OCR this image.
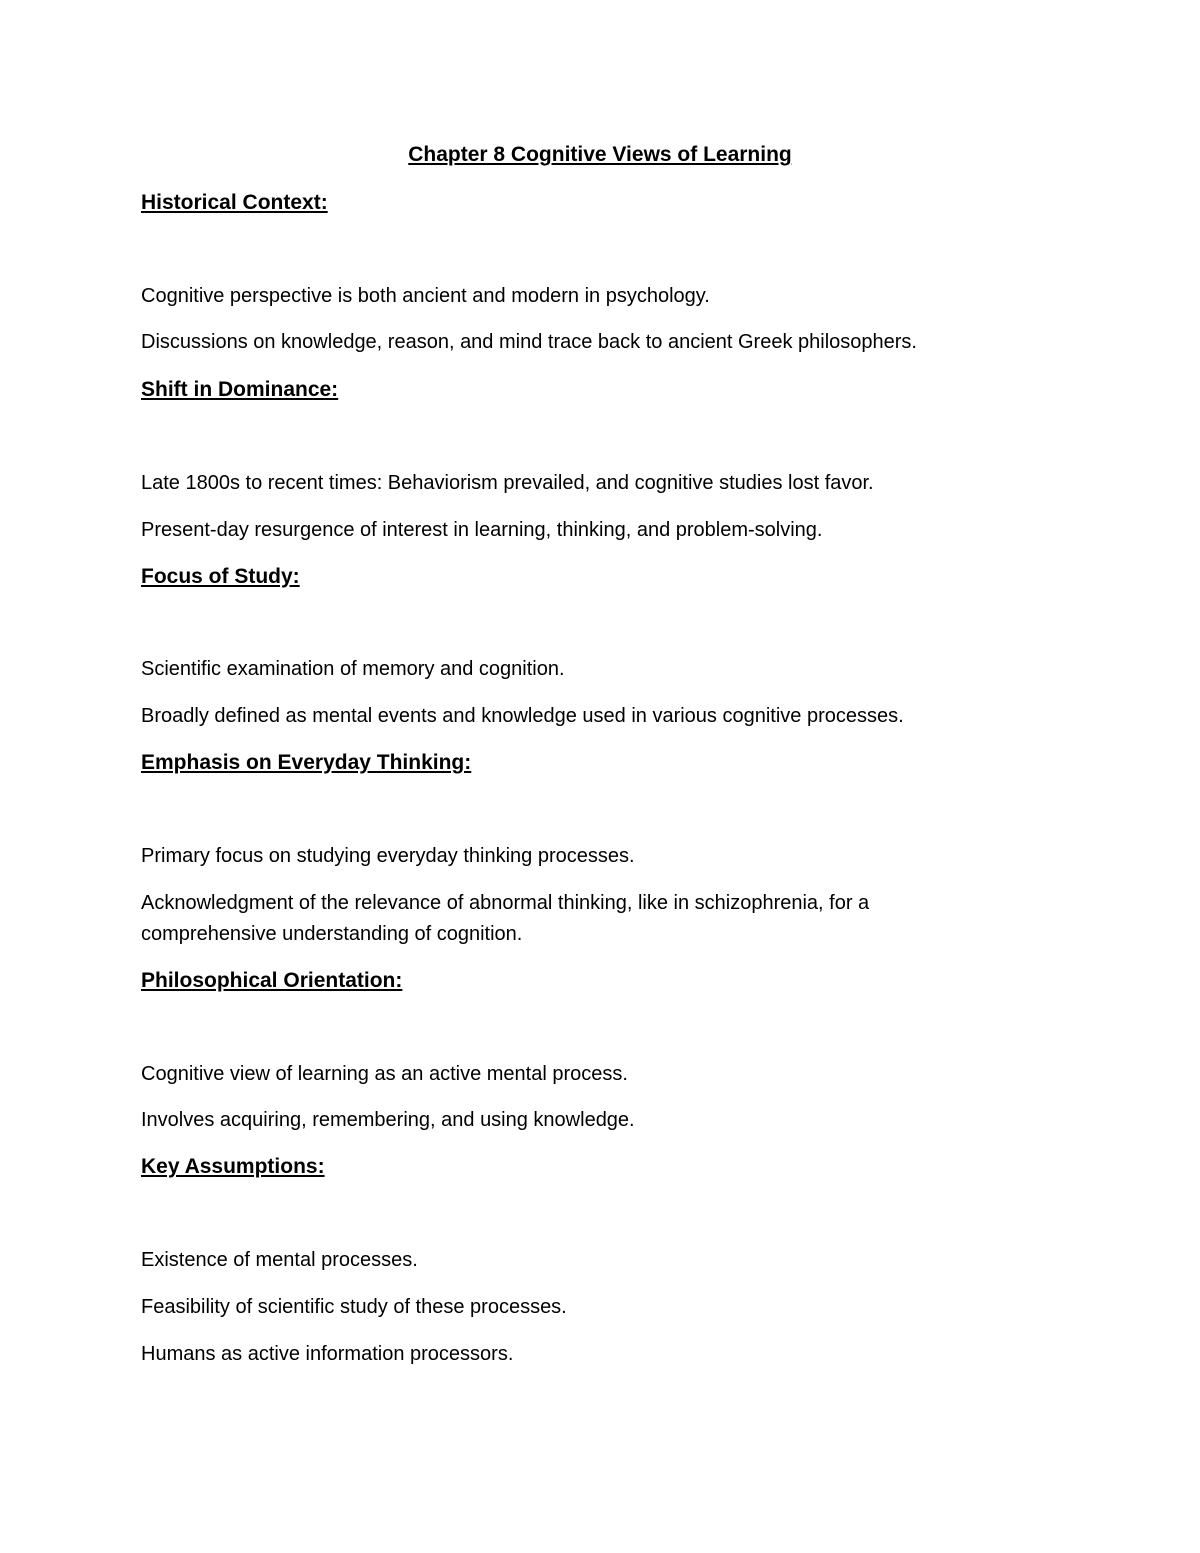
Chapter 8 Cognitive Views of Learning
Historical Context:
Cognitive perspective is both ancient and modern in psychology.
Discussions on knowledge, reason, and mind trace back to ancient Greek philosophers.
Shift in Dominance:
Late 1800s to recent times: Behaviorism prevailed, and cognitive studies lost favor.
Present-day resurgence of interest in learning, thinking, and problem-solving.
Focus of Study:
Scientific examination of memory and cognition.
Broadly defined as mental events and knowledge used in various cognitive processes.
Emphasis on Everyday Thinking:
Primary focus on studying everyday thinking processes.
Acknowledgment of the relevance of abnormal thinking, like in schizophrenia, for a comprehensive understanding of cognition.
Philosophical Orientation:
Cognitive view of learning as an active mental process.
Involves acquiring, remembering, and using knowledge.
Key Assumptions:
Existence of mental processes.
Feasibility of scientific study of these processes.
Humans as active information processors.
